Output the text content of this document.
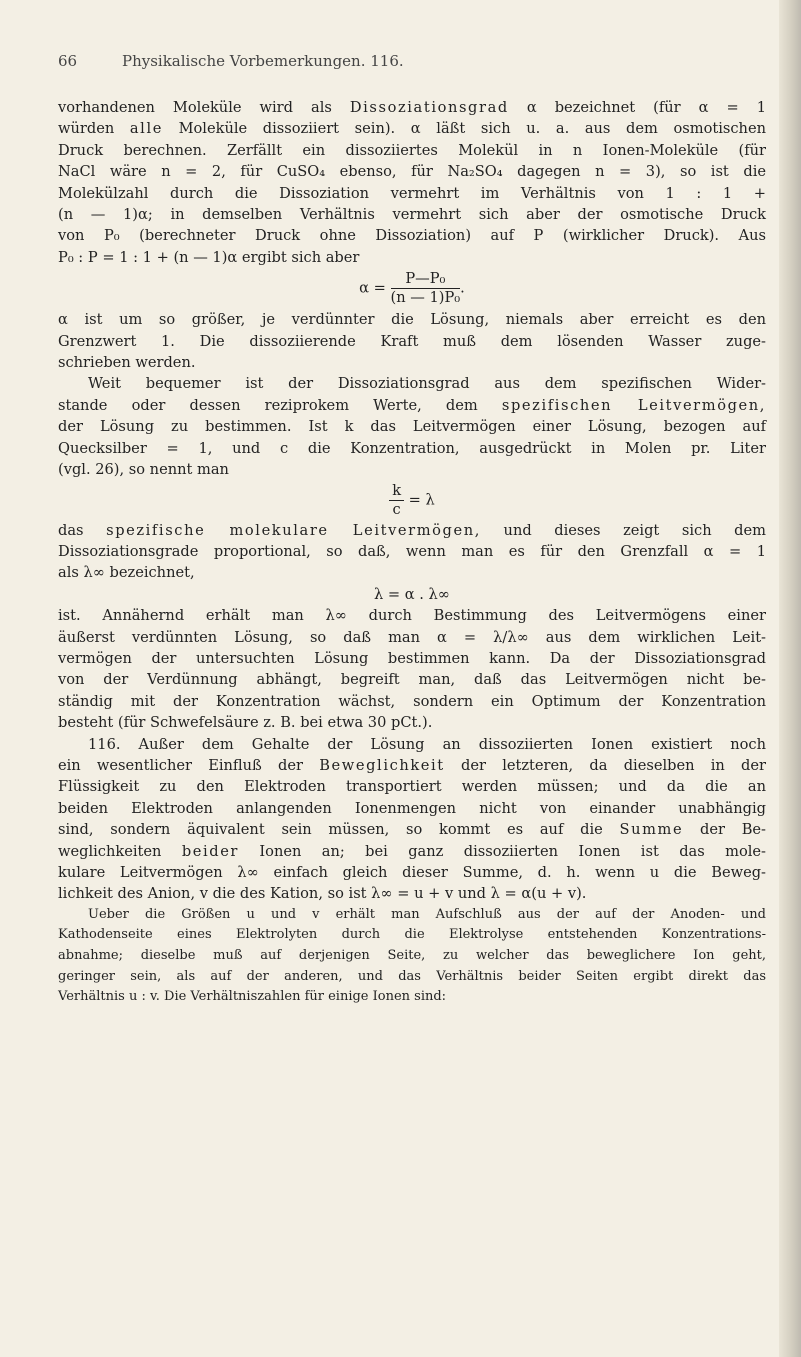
66	Physikalische Vorbemerkungen. 116.
vorhandenen Moleküle wird als Dissoziationsgrad α bezeichnet (für α = 1
würden alle Moleküle dissoziiert sein). α läßt sich u. a. aus dem osmotischen
Druck berechnen. Zerfällt ein dissoziiertes Molekül in n Ionen-Moleküle (für
NaCl wäre n = 2, für CuSO₄ ebenso, für Na₂SO₄ dagegen n = 3), so ist die
Molekülzahl durch die Dissoziation vermehrt im Verhältnis von 1 : 1 +
(n — 1)α; in demselben Verhältnis vermehrt sich aber der osmotische Druck
von P₀ (berechneter Druck ohne Dissoziation) auf P (wirklicher Druck). Aus
P₀ : P = 1 : 1 + (n — 1)α ergibt sich aber
$\alpha = \frac{\text{P—P₀}}{\text{(n — 1)P₀}}$ .
α ist um so größer, je verdünnter die Lösung, niemals aber erreicht es den
Grenzwert 1. Die dissoziierende Kraft muß dem lösenden Wasser zuge-
schrieben werden.
Weit bequemer ist der Dissoziationsgrad aus dem spezifischen Wider-
stande oder dessen reziprokem Werte, dem spezifischen Leitvermögen,
der Lösung zu bestimmen. Ist k das Leitvermögen einer Lösung, bezogen auf
Quecksilber = 1, und c die Konzentration, ausgedrückt in Molen pr. Liter
(vgl. 26), so nennt man
$\frac{k}{c} = \lambda$
das spezifische molekulare Leitvermögen, und dieses zeigt sich dem
Dissoziationsgrade proportional, so daß, wenn man es für den Grenzfall α = 1
als λ∞ bezeichnet,
λ = α . λ∞
ist. Annähernd erhält man λ∞ durch Bestimmung des Leitvermögens einer
äußerst verdünnten Lösung, so daß man α = λ/λ∞ aus dem wirklichen Leit-
vermögen der untersuchten Lösung bestimmen kann. Da der Dissoziationsgrad
von der Verdünnung abhängt, begreift man, daß das Leitvermögen nicht be-
ständig mit der Konzentration wächst, sondern ein Optimum der Konzentration
besteht (für Schwefelsäure z. B. bei etwa 30 pCt.).
116. Außer dem Gehalte der Lösung an dissoziierten Ionen existiert noch
ein wesentlicher Einfluß der Beweglichkeit der letzteren, da dieselben in der
Flüssigkeit zu den Elektroden transportiert werden müssen; und da die an
beiden Elektroden anlangenden Ionenmengen nicht von einander unabhängig
sind, sondern äquivalent sein müssen, so kommt es auf die Summe der Be-
weglichkeiten beider Ionen an; bei ganz dissoziierten Ionen ist das mole-
kulare Leitvermögen λ∞ einfach gleich dieser Summe, d. h. wenn u die Beweg-
lichkeit des Anion, v die des Kation, so ist λ∞ = u + v und λ = α(u + v).
Ueber die Größen u und v erhält man Aufschluß aus der auf der Anoden- und
Kathodenseite eines Elektrolyten durch die Elektrolyse entstehenden Konzentrations-
abnahme; dieselbe muß auf derjenigen Seite, zu welcher das beweglichere Ion geht,
geringer sein, als auf der anderen, und das Verhältnis beider Seiten ergibt direkt das
Verhältnis u : v. Die Verhältniszahlen für einige Ionen sind:
